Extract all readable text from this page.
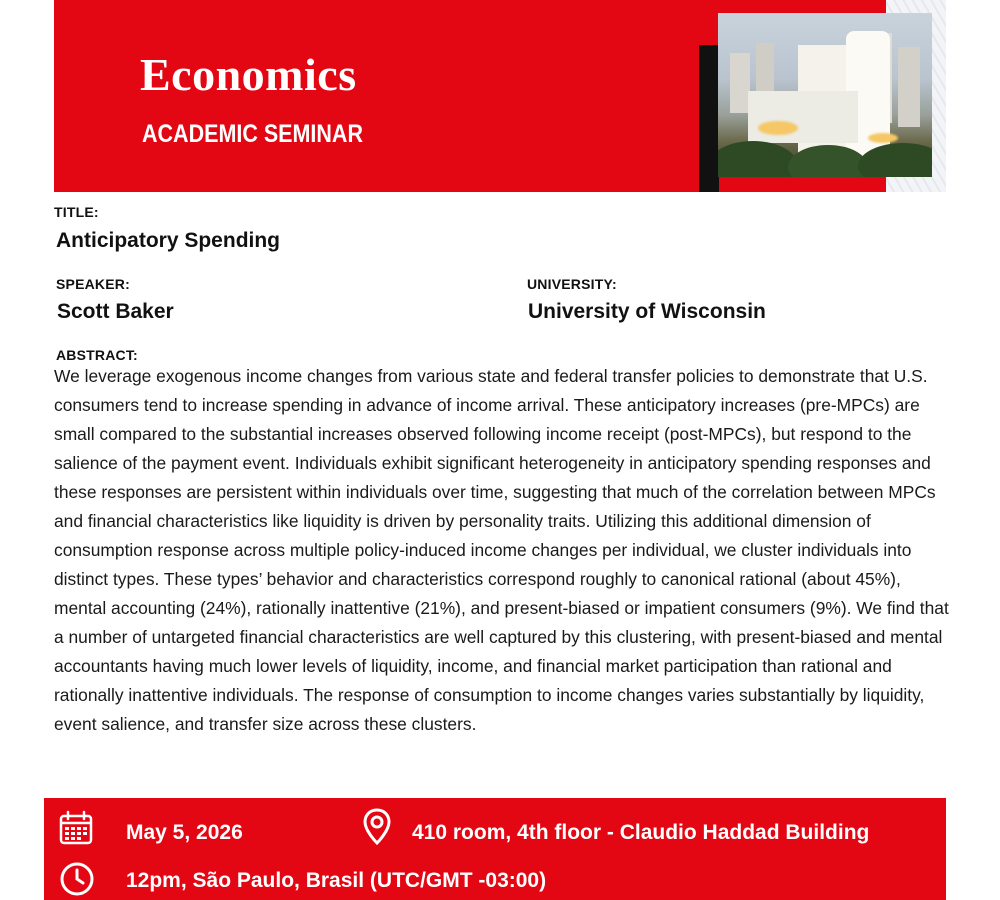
Economics
ACADEMIC SEMINAR
TITLE:
Anticipatory Spending
SPEAKER:
Scott Baker
UNIVERSITY:
University of Wisconsin
ABSTRACT:

We leverage exogenous income changes from various state and federal transfer policies to demonstrate that U.S. consumers tend to increase spending in advance of income arrival. These anticipatory increases (pre-MPCs) are small compared to the substantial increases observed following income receipt (post-MPCs), but respond to the salience of the payment event. Individuals exhibit significant heterogeneity in anticipatory spending responses and these responses are persistent within individuals over time, suggesting that much of the correlation between MPCs and financial characteristics like liquidity is driven by personality traits. Utilizing this additional dimension of consumption response across multiple policy-induced income changes per individual, we cluster individuals into distinct types. These types’ behavior and characteristics correspond roughly to canonical rational (about 45%), mental accounting (24%), rationally inattentive (21%), and present-biased or impatient consumers (9%). We find that a number of untargeted financial characteristics are well captured by this clustering, with present-biased and mental accountants having much lower levels of liquidity, income, and financial market participation than rational and rationally inattentive individuals. The response of consumption to income changes varies substantially by liquidity, event salience, and transfer size across these clusters.

May 5, 2026	410 room, 4th floor - Claudio Haddad Building
12pm, São Paulo, Brasil (UTC/GMT -03:00)
